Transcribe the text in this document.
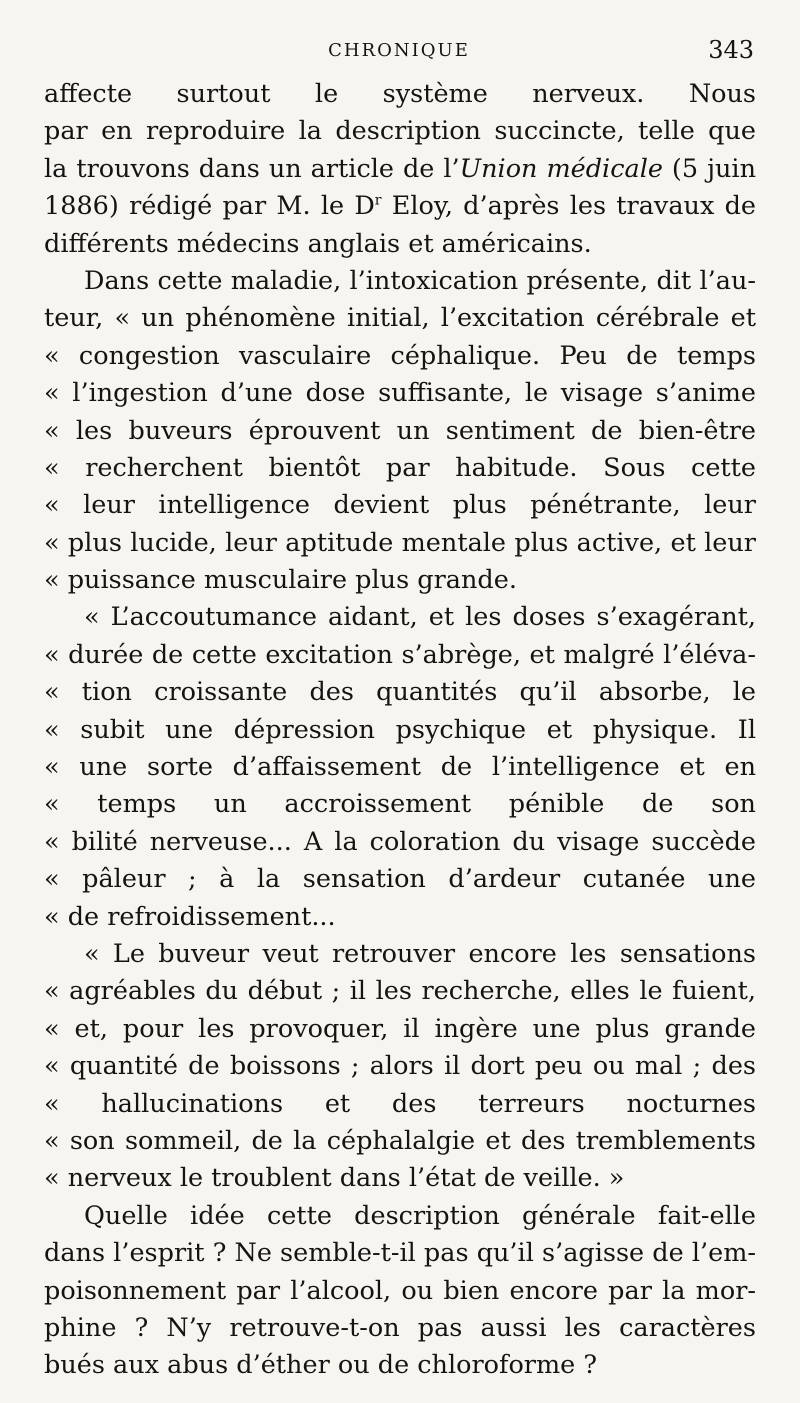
CHRONIQUE	343
affecte surtout le système nerveux. Nous
par en reproduire la description succincte, telle que
la trouvons dans un article de l’Union médicale (5 juin
1886) rédigé par M. le $D^r$ Eloy, d’après les travaux de
différents médecins anglais et américains.
Dans cette maladie, l’intoxication présente, dit l’au-
teur, « un phénomène initial, l’excitation cérébrale et
« congestion vasculaire céphalique. Peu de temps
« l’ingestion d’une dose suffisante, le visage s’anime
« les buveurs éprouvent un sentiment de bien-être
« recherchent bientôt par habitude. Sous cette
« leur intelligence devient plus pénétrante, leur
« plus lucide, leur aptitude mentale plus active, et leur
« puissance musculaire plus grande.
« L’accoutumance aidant, et les doses s’exagérant,
« durée de cette excitation s’abrège, et malgré l’éléva-
« tion croissante des quantités qu’il absorbe, le
« subit une dépression psychique et physique. Il
« une sorte d’affaissement de l’intelligence et en
« temps un accroissement pénible de son
« bilité nerveuse... A la coloration du visage succède
« pâleur ; à la sensation d’ardeur cutanée une
« de refroidissement...
« Le buveur veut retrouver encore les sensations
« agréables du début ; il les recherche, elles le fuient,
« et, pour les provoquer, il ingère une plus grande
« quantité de boissons ; alors il dort peu ou mal ; des
« hallucinations et des terreurs nocturnes
« son sommeil, de la céphalalgie et des tremblements
« nerveux le troublent dans l’état de veille. »
Quelle idée cette description générale fait-elle
dans l’esprit ? Ne semble-t-il pas qu’il s’agisse de l’em-
poisonnement par l’alcool, ou bien encore par la mor-
phine ? N’y retrouve-t-on pas aussi les caractères
bués aux abus d’éther ou de chloroforme ?
